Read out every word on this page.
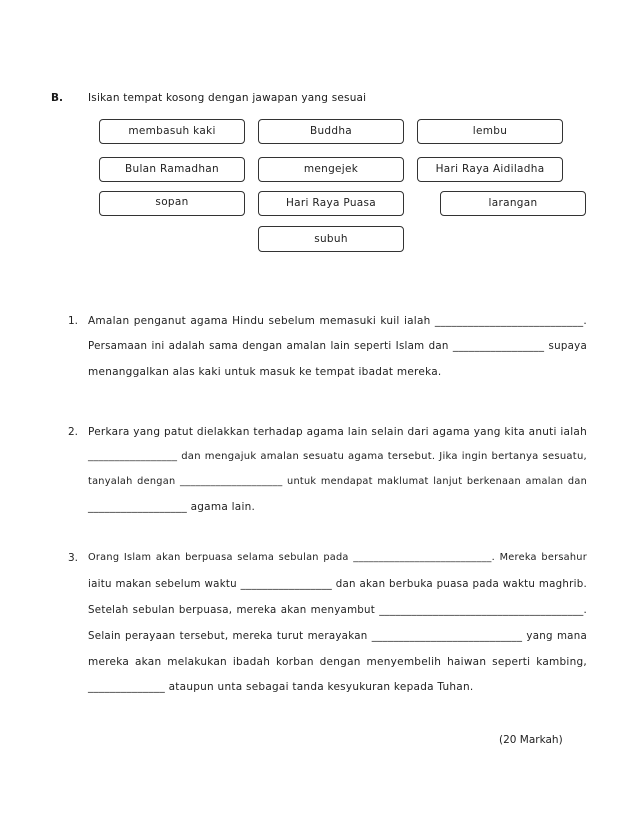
B. Isikan tempat kosong dengan jawapan yang sesuai
membasuh kaki	Buddha	lembu
Bulan Ramadhan	mengejek	Hari Raya Aidiladha
sopan	Hari Raya Puasa	larangan
subuh
1. Amalan penganut agama Hindu sebelum memasuki kuil ialah ___________________________.
Persamaan ini adalah sama dengan amalan lain seperti Islam dan _________________ supaya
menanggalkan alas kaki untuk masuk ke tempat ibadat mereka.
2. Perkara yang patut dielakkan terhadap agama lain selain dari agama yang kita anuti ialah
_________________ dan mengajuk amalan sesuatu agama tersebut. Jika ingin bertanya sesuatu,
tanyalah dengan ____________________ untuk mendapat maklumat lanjut berkenaan amalan dan
__________________ agama lain.
3. Orang Islam akan berpuasa selama sebulan pada ___________________________. Mereka bersahur
iaitu makan sebelum waktu _________________ dan akan berbuka puasa pada waktu maghrib.
Setelah sebulan berpuasa, mereka akan menyambut ______________________________________.
Selain perayaan tersebut, mereka turut merayakan ____________________________ yang mana
mereka akan melakukan ibadah korban dengan menyembelih haiwan seperti kambing,
______________ ataupun unta sebagai tanda kesyukuran kepada Tuhan.
(20 Markah)
